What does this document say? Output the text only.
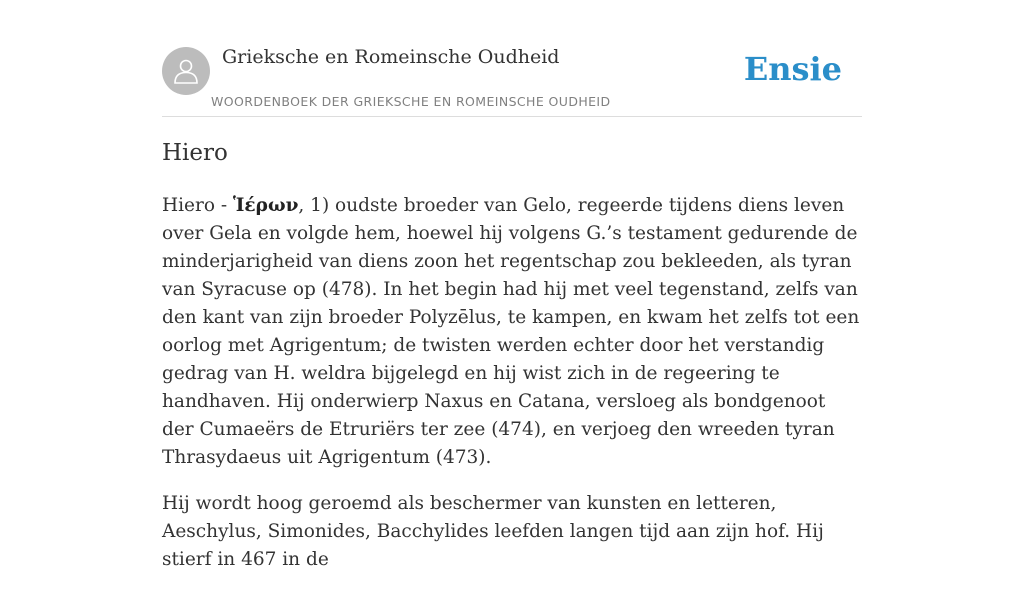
Grieksche en Romeinsche Oudheid
WOORDENBOEK DER GRIEKSCHE EN ROMEINSCHE OUDHEID
Ensie
Hiero

Hiero - Ἱέρων, 1) oudste broeder van Gelo, regeerde tijdens diens leven over Gela en volgde hem, hoewel hij volgens G.’s testament gedurende de minderjarigheid van diens zoon het regentschap zou bekleeden, als tyran van Syracuse op (478). In het begin had hij met veel tegenstand, zelfs van den kant van zijn broeder Polyzēlus, te kampen, en kwam het zelfs tot een oorlog met Agrigentum; de twisten werden echter door het verstandig gedrag van H. weldra bijgelegd en hij wist zich in de regeering te handhaven. Hij onderwierp Naxus en Catana, versloeg als bondgenoot der Cumaeërs de Etruriërs ter zee (474), en verjoeg den wreeden tyran Thrasydaeus uit Agrigentum (473).

Hij wordt hoog geroemd als beschermer van kunsten en letteren, Aeschylus, Simonides, Bacchylides leefden langen tijd aan zijn hof. Hij stierf in 467 in de
